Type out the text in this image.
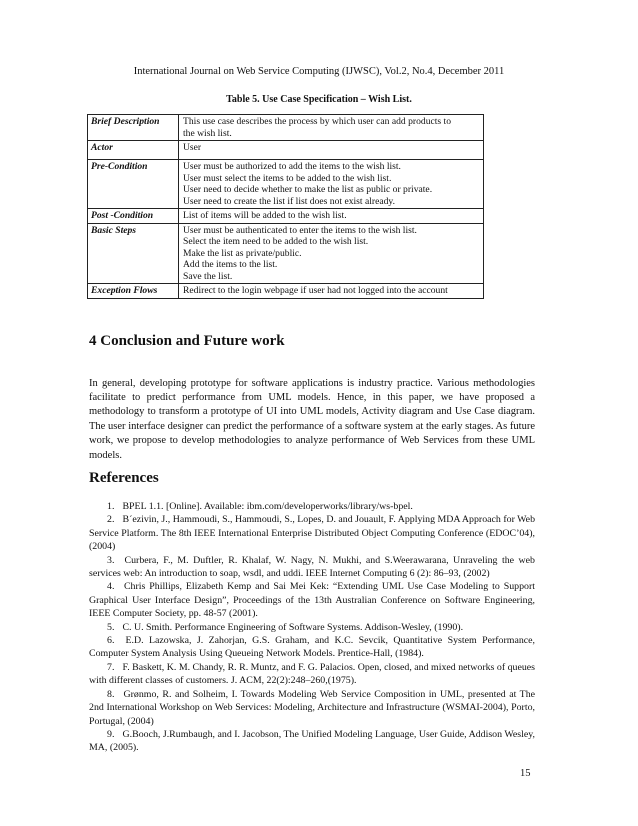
International Journal on Web Service Computing (IJWSC), Vol.2, No.4, December 2011
Table 5. Use Case Specification – Wish List.
Brief Description	This use case describes the process by which user can add products to
the wish list.

Actor	User

Pre-Condition	User must be authorized to add the items to the wish list.
User must select the items to be added to the wish list.
User need to decide whether to make the list as public or private.
User need to create the list if list does not exist already.

Post -Condition	List of items will be added to the wish list.

Basic Steps	User must be authenticated to enter the items to the wish list.
Select the item need to be added to the wish list.
Make the list as private/public.
Add the items to the list.
Save the list.

Exception Flows	Redirect to the login webpage if user had not logged into the account
4 Conclusion and Future work

In general, developing prototype for software applications is industry practice. Various methodologies facilitate to predict performance from UML models. Hence, in this paper, we have proposed a methodology to transform a prototype of UI into UML models, Activity diagram and Use Case diagram. The user interface designer can predict the performance of a software system at the early stages. As future work, we propose to develop methodologies to analyze performance of Web Services from these UML models.

References
1. BPEL 1.1. [Online]. Available: ibm.com/developerworks/library/ws-bpel.
2. B´ezivin, J., Hammoudi, S., Hammoudi, S., Lopes, D. and Jouault, F. Applying MDA Approach for Web Service Platform. The 8th IEEE International Enterprise Distributed Object Computing Conference (EDOC’04), (2004)
3. Curbera, F., M. Duftler, R. Khalaf, W. Nagy, N. Mukhi, and S.Weerawarana, Unraveling the web services web: An introduction to soap, wsdl, and uddi. IEEE Internet Computing 6 (2): 86–93, (2002)
4. Chris Phillips, Elizabeth Kemp and Sai Mei Kek: “Extending UML Use Case Modeling to Support Graphical User Interface Design”, Proceedings of the 13th Australian Conference on Software Engineering, IEEE Computer Society, pp. 48-57 (2001).
5. C. U. Smith. Performance Engineering of Software Systems. Addison-Wesley, (1990).
6. E.D. Lazowska, J. Zahorjan, G.S. Graham, and K.C. Sevcik, Quantitative System Performance, Computer System Analysis Using Queueing Network Models. Prentice-Hall, (1984).
7. F. Baskett, K. M. Chandy, R. R. Muntz, and F. G. Palacios. Open, closed, and mixed networks of queues with different classes of customers. J. ACM, 22(2):248–260,(1975).
8. Grønmo, R. and Solheim, I. Towards Modeling Web Service Composition in UML, presented at The 2nd International Workshop on Web Services: Modeling, Architecture and Infrastructure (WSMAI-2004), Porto, Portugal, (2004)
9. G.Booch, J.Rumbaugh, and I. Jacobson, The Unified Modeling Language, User Guide, Addison Wesley, MA, (2005).
15
